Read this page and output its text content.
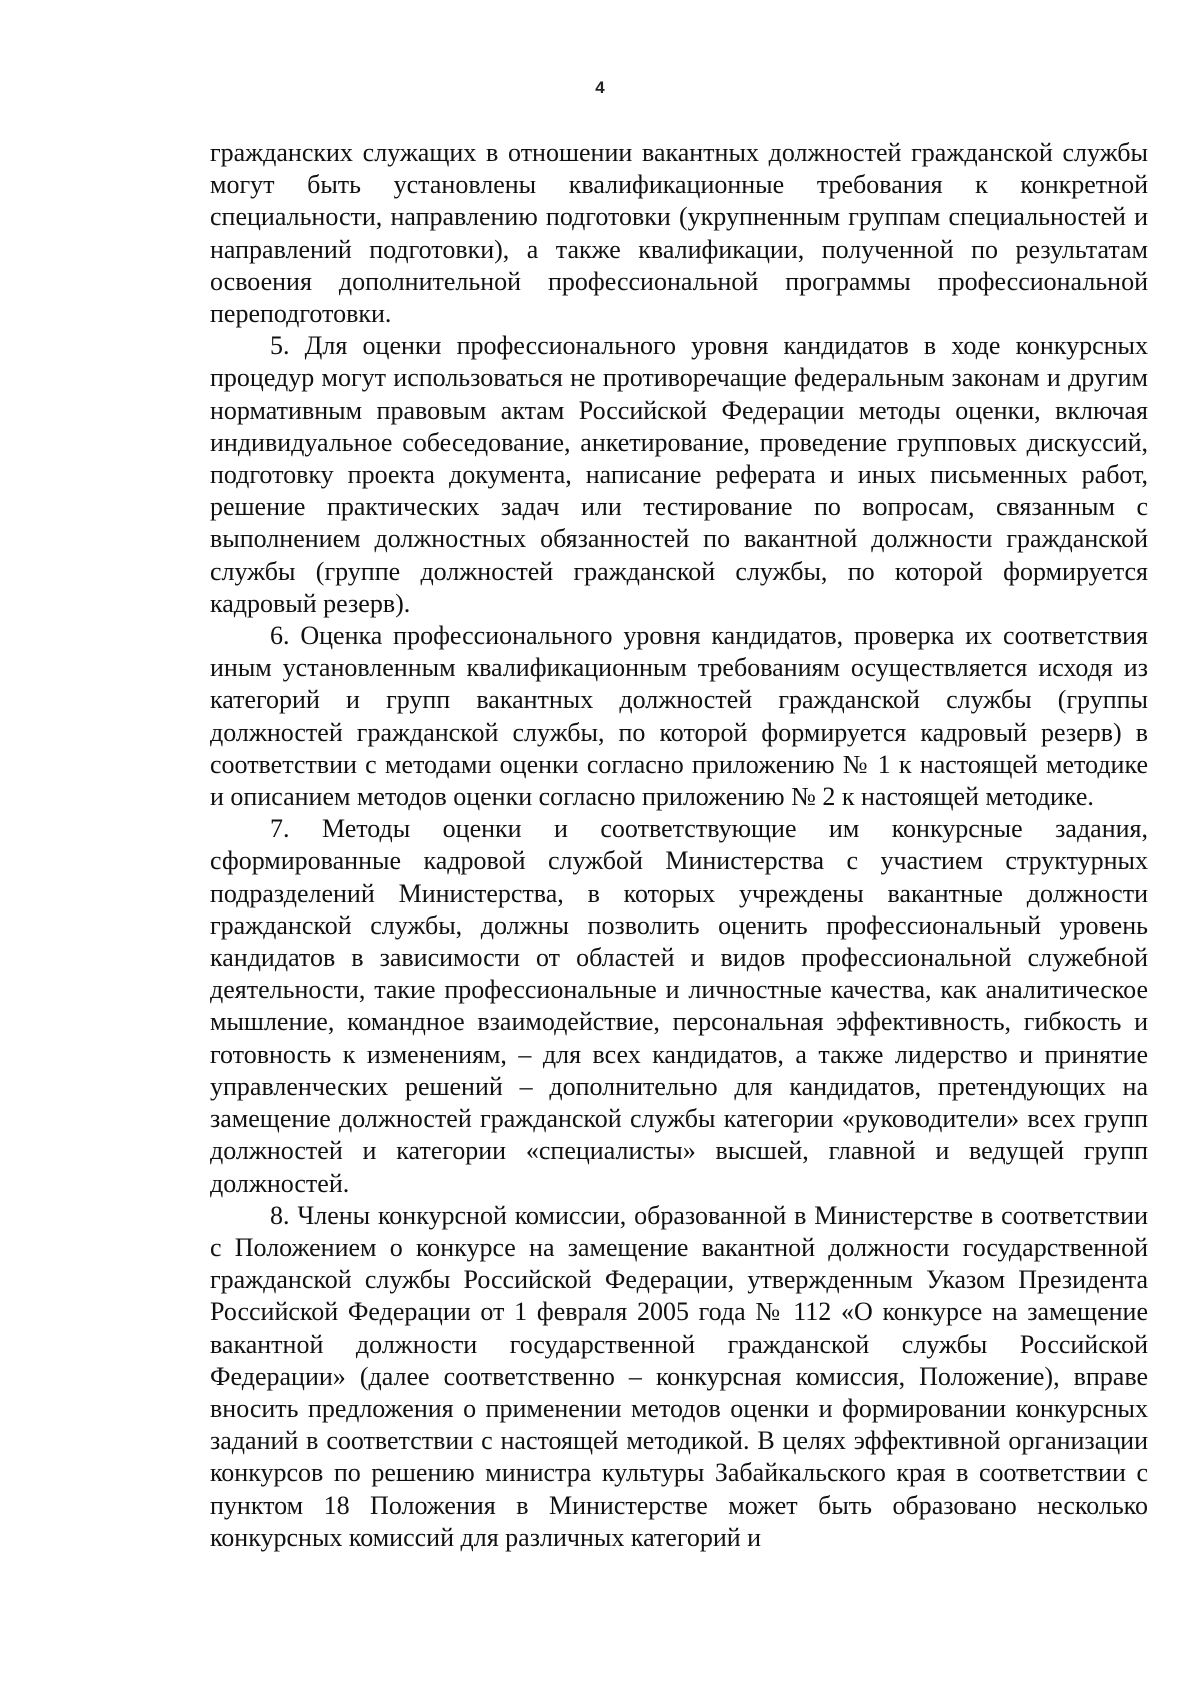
4

гражданских служащих в отношении вакантных должностей гражданской службы могут быть установлены квалификационные требования к конкретной специальности, направлению подготовки (укрупненным группам специальностей и направлений подготовки), а также квалификации, полученной по результатам освоения дополнительной профессиональной программы профессиональной переподготовки.

5. Для оценки профессионального уровня кандидатов в ходе конкурсных процедур могут использоваться не противоречащие федеральным законам и другим нормативным правовым актам Российской Федерации методы оценки, включая индивидуальное собеседование, анкетирование, проведение групповых дискуссий, подготовку проекта документа, написание реферата и иных письменных работ, решение практических задач или тестирование по вопросам, связанным с выполнением должностных обязанностей по вакантной должности гражданской службы (группе должностей гражданской службы, по которой формируется кадровый резерв).

6. Оценка профессионального уровня кандидатов, проверка их соответствия иным установленным квалификационным требованиям осуществляется исходя из категорий и групп вакантных должностей гражданской службы (группы должностей гражданской службы, по которой формируется кадровый резерв) в соответствии с методами оценки согласно приложению № 1 к настоящей методике и описанием методов оценки согласно приложению № 2 к настоящей методике.

7. Методы оценки и соответствующие им конкурсные задания, сформированные кадровой службой Министерства с участием структурных подразделений Министерства, в которых учреждены вакантные должности гражданской службы, должны позволить оценить профессиональный уровень кандидатов в зависимости от областей и видов профессиональной служебной деятельности, такие профессиональные и личностные качества, как аналитическое мышление, командное взаимодействие, персональная эффективность, гибкость и готовность к изменениям, – для всех кандидатов, а также лидерство и принятие управленческих решений – дополнительно для кандидатов, претендующих на замещение должностей гражданской службы категории «руководители» всех групп должностей и категории «специалисты» высшей, главной и ведущей групп должностей.

8. Члены конкурсной комиссии, образованной в Министерстве в соответствии с Положением о конкурсе на замещение вакантной должности государственной гражданской службы Российской Федерации, утвержденным Указом Президента Российской Федерации от 1 февраля 2005 года № 112 «О конкурсе на замещение вакантной должности государственной гражданской службы Российской Федерации» (далее соответственно – конкурсная комиссия, Положение), вправе вносить предложения о применении методов оценки и формировании конкурсных заданий в соответствии с настоящей методикой. В целях эффективной организации конкурсов по решению министра культуры Забайкальского края в соответствии с пунктом 18 Положения в Министерстве может быть образовано несколько конкурсных комиссий для различных категорий и
